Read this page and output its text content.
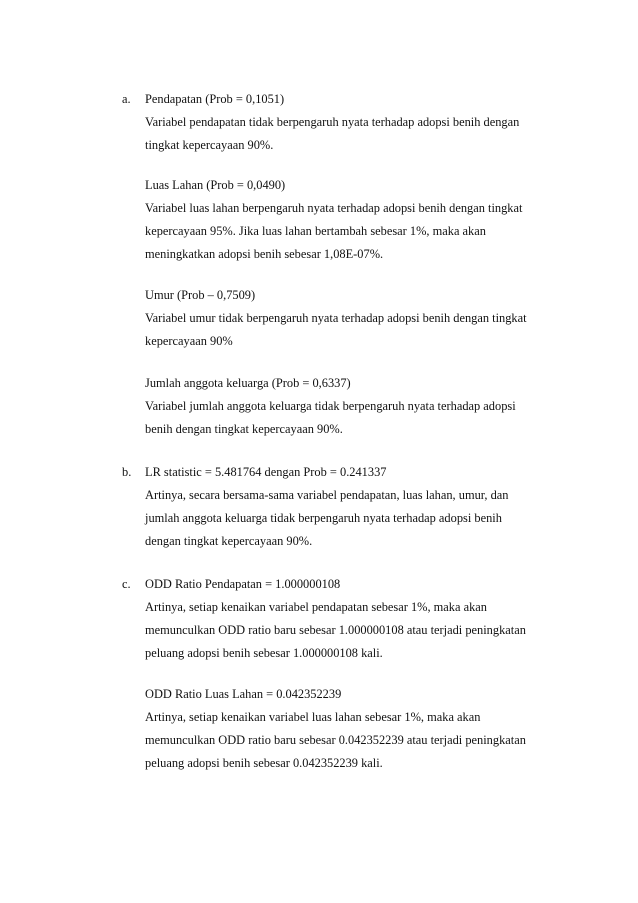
a. Pendapatan (Prob = 0,1051)
Variabel pendapatan tidak berpengaruh nyata terhadap adopsi benih dengan
tingkat kepercayaan 90%.
Luas Lahan (Prob = 0,0490)
Variabel luas lahan berpengaruh nyata terhadap adopsi benih dengan tingkat
kepercayaan 95%. Jika luas lahan bertambah sebesar 1%, maka akan
meningkatkan adopsi benih sebesar 1,08E-07%.
Umur (Prob – 0,7509)
Variabel umur tidak berpengaruh nyata terhadap adopsi benih dengan tingkat
kepercayaan 90%
Jumlah anggota keluarga (Prob = 0,6337)
Variabel jumlah anggota keluarga tidak berpengaruh nyata terhadap adopsi
benih dengan tingkat kepercayaan 90%.
b. LR statistic = 5.481764 dengan Prob = 0.241337
Artinya, secara bersama-sama variabel pendapatan, luas lahan, umur, dan
jumlah anggota keluarga tidak berpengaruh nyata terhadap adopsi benih
dengan tingkat kepercayaan 90%.
c. ODD Ratio Pendapatan = 1.000000108
Artinya, setiap kenaikan variabel pendapatan sebesar 1%, maka akan
memunculkan ODD ratio baru sebesar 1.000000108 atau terjadi peningkatan
peluang adopsi benih sebesar 1.000000108 kali.
ODD Ratio Luas Lahan = 0.042352239
Artinya, setiap kenaikan variabel luas lahan sebesar 1%, maka akan
memunculkan ODD ratio baru sebesar 0.042352239 atau terjadi peningkatan
peluang adopsi benih sebesar 0.042352239 kali.
